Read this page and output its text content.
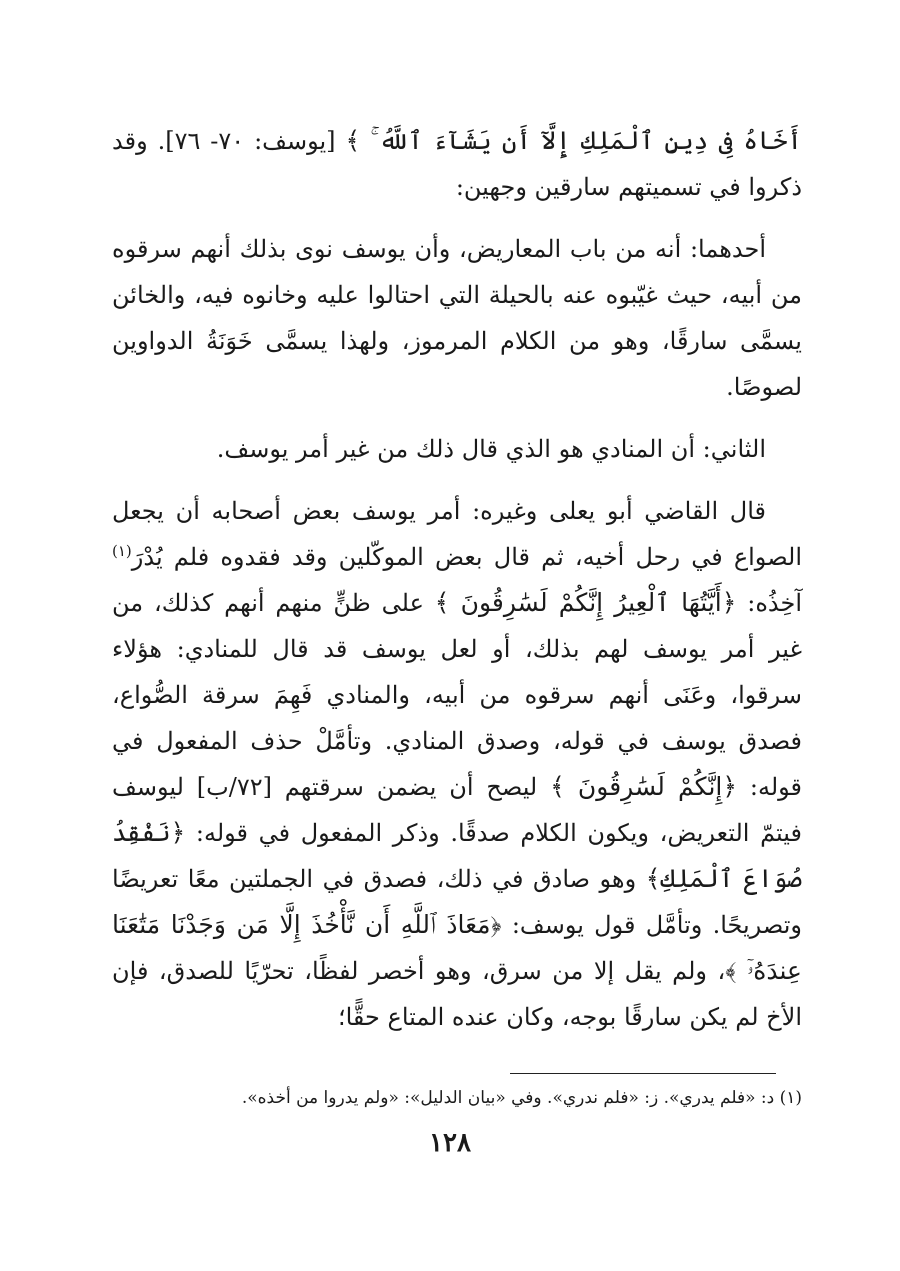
أَخَاهُ فِى دِينِ ٱلْمَلِكِ إِلَّآ أَن يَشَآءَ ٱللَّهُ ۚ ﴾ [يوسف: ٧٠- ٧٦]. وقد ذكروا في تسميتهم سارقين وجهين:

أحدهما: أنه من باب المعاريض، وأن يوسف نوى بذلك أنهم سرقوه من أبيه، حيث غيّبوه عنه بالحيلة التي احتالوا عليه وخانوه فيه، والخائن يسمَّى سارقًا، وهو من الكلام المرموز، ولهذا يسمَّى خَوَنَةُ الدواوين لصوصًا.

الثاني: أن المنادي هو الذي قال ذلك من غير أمر يوسف.

قال القاضي أبو يعلى وغيره: أمر يوسف بعض أصحابه أن يجعل الصواع في رحل أخيه، ثم قال بعض الموكّلين وقد فقدوه فلم يُدْرَ$^{(١)}$ آخِذُه: ﴿أَيَّتُهَا ٱلْعِيرُ إِنَّكُمْ لَسَٰرِقُونَ ﴾ على ظنٍّ منهم أنهم كذلك، من غير أمر يوسف لهم بذلك، أو لعل يوسف قد قال للمنادي: هؤلاء سرقوا، وعَنَى أنهم سرقوه من أبيه، والمنادي فَهِمَ سرقة الصُّواع، فصدق يوسف في قوله، وصدق المنادي. وتأمَّلْ حذف المفعول في قوله: ﴿إِنَّكُمْ لَسَٰرِقُونَ ﴾ ليصح أن يضمن سرقتهم [٧٢/ب] ليوسف فيتمّ التعريض، ويكون الكلام صدقًا. وذكر المفعول في قوله: ﴿نَفْقِدُ صُوَاعَ ٱلْمَلِكِ﴾ وهو صادق في ذلك، فصدق في الجملتين معًا تعريضًا وتصريحًا. وتأمَّل قول يوسف: ﴿مَعَاذَ ٱللَّهِ أَن نَّأْخُذَ إِلَّا مَن وَجَدْنَا مَتَٰعَنَا عِندَهُۥٓ ﴾، ولم يقل إلا من سرق، وهو أخصر لفظًا، تحرّيًا للصدق، فإن الأخ لم يكن سارقًا بوجه، وكان عنده المتاع حقًّا؛

(١) د: «فلم يدري». ز: «فلم ندري». وفي «بيان الدليل»: «ولم يدروا من أخذه».
١٢٨
